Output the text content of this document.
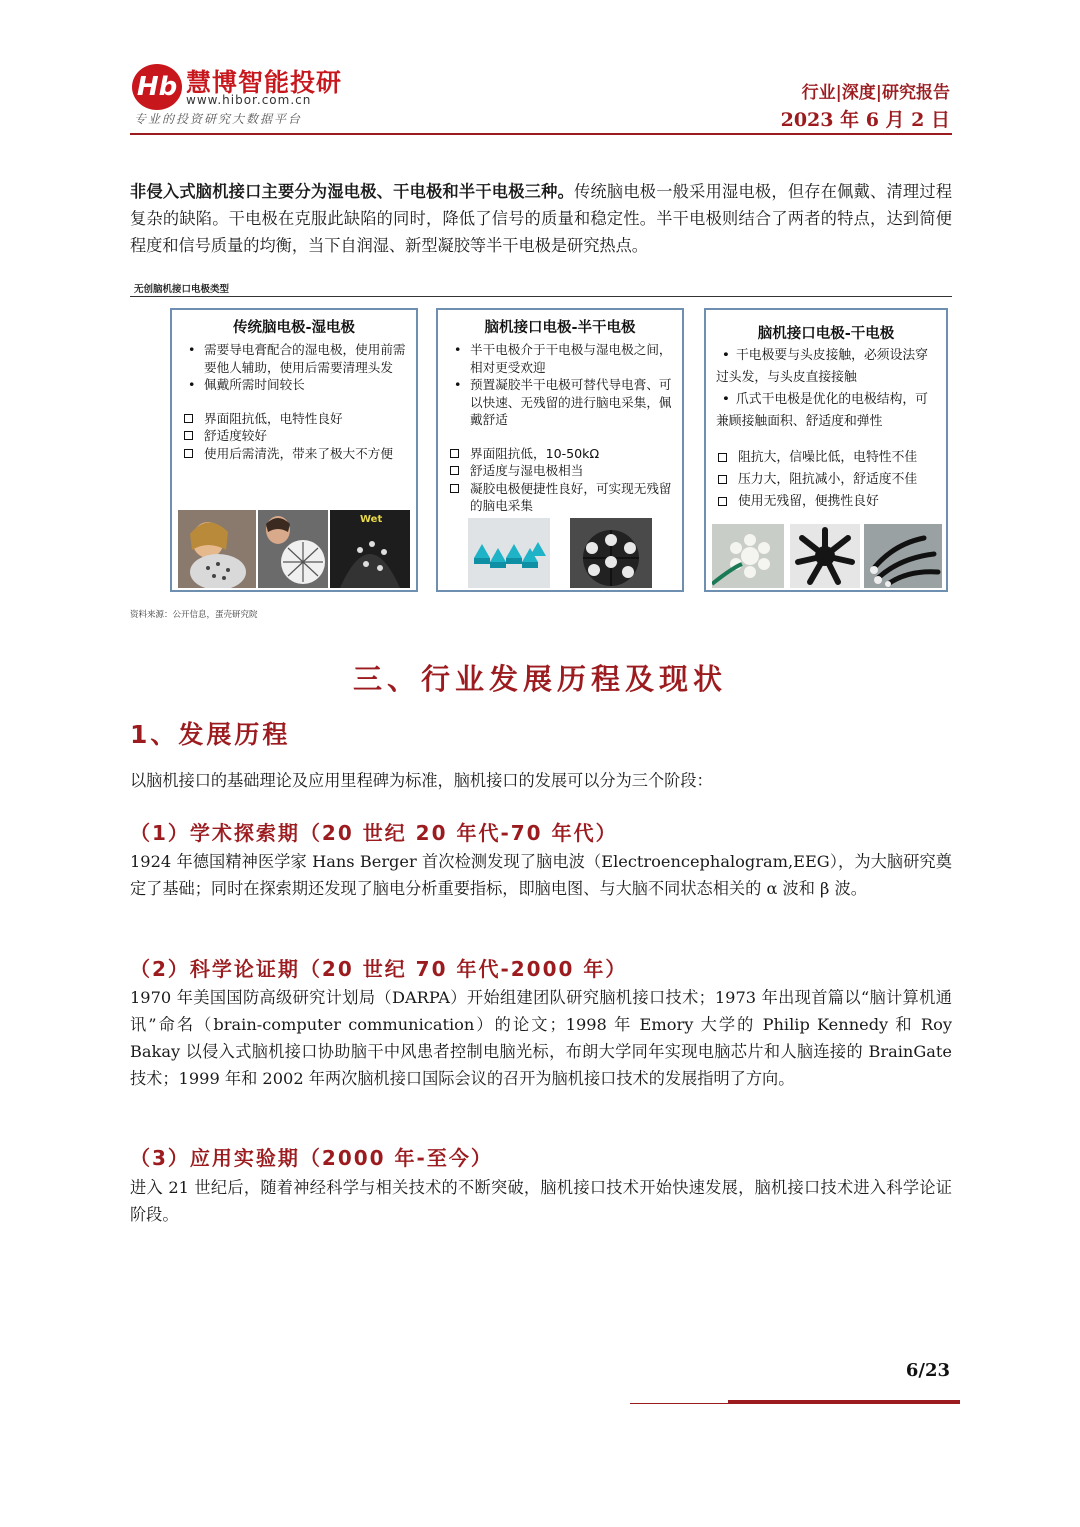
Hb 慧博智能投研
www.hibor.com.cn
专业的投资研究大数据平台
行业|深度|研究报告
2023 年 6 月 2 日

非侵入式脑机接口主要分为湿电极、干电极和半干电极三种。传统脑电极一般采用湿电极，但存在佩戴、清理过程复杂的缺陷。干电极在克服此缺陷的同时，降低了信号的质量和稳定性。半干电极则结合了两者的特点，达到简便程度和信号质量的均衡，当下自润湿、新型凝胶等半干电极是研究热点。

无创脑机接口电极类型
传统脑电极-湿电极
• 需要导电膏配合的湿电极，使用前需要他人辅助，使用后需要清理头发
• 佩戴所需时间较长
界面阻抗低，电特性良好
舒适度较好
使用后需清洗，带来了极大不方便
Wet
脑机接口电极-半干电极
• 半干电极介于干电极与湿电极之间，相对更受欢迎
• 预置凝胶半干电极可替代导电膏、可以快速、无残留的进行脑电采集，佩戴舒适
界面阻抗低，10-50kΩ
舒适度与湿电极相当
凝胶电极便捷性良好，可实现无残留的脑电采集
脑机接口电极-干电极
• • 干电极要与头皮接触，必须设法穿过头发，与头皮直接接触
• • 爪式干电极是优化的电极结构，可兼顾接触面积、舒适度和弹性
阻抗大，信噪比低，电特性不佳
压力大，阻抗减小，舒适度不佳
使用无残留，便携性良好
资料来源：公开信息，蛋壳研究院
三、行业发展历程及现状
1、发展历程

以脑机接口的基础理论及应用里程碑为标准，脑机接口的发展可以分为三个阶段：

（1）学术探索期（20 世纪 20 年代-70 年代）

1924 年德国精神医学家 Hans Berger 首次检测发现了脑电波（Electroencephalogram,EEG），为大脑研究奠定了基础；同时在探索期还发现了脑电分析重要指标，即脑电图、与大脑不同状态相关的 α 波和 β 波。

（2）科学论证期（20 世纪 70 年代-2000 年）

1970 年美国国防高级研究计划局（DARPA）开始组建团队研究脑机接口技术；1973 年出现首篇以“脑计算机通讯”命名（brain-computer communication）的论文；1998 年 Emory 大学的 Philip Kennedy 和 Roy Bakay 以侵入式脑机接口协助脑干中风患者控制电脑光标，布朗大学同年实现电脑芯片和人脑连接的 BrainGate 技术；1999 年和 2002 年两次脑机接口国际会议的召开为脑机接口技术的发展指明了方向。

（3）应用实验期（2000 年-至今）

进入 21 世纪后，随着神经科学与相关技术的不断突破，脑机接口技术开始快速发展，脑机接口技术进入科学论证阶段。

6/23
